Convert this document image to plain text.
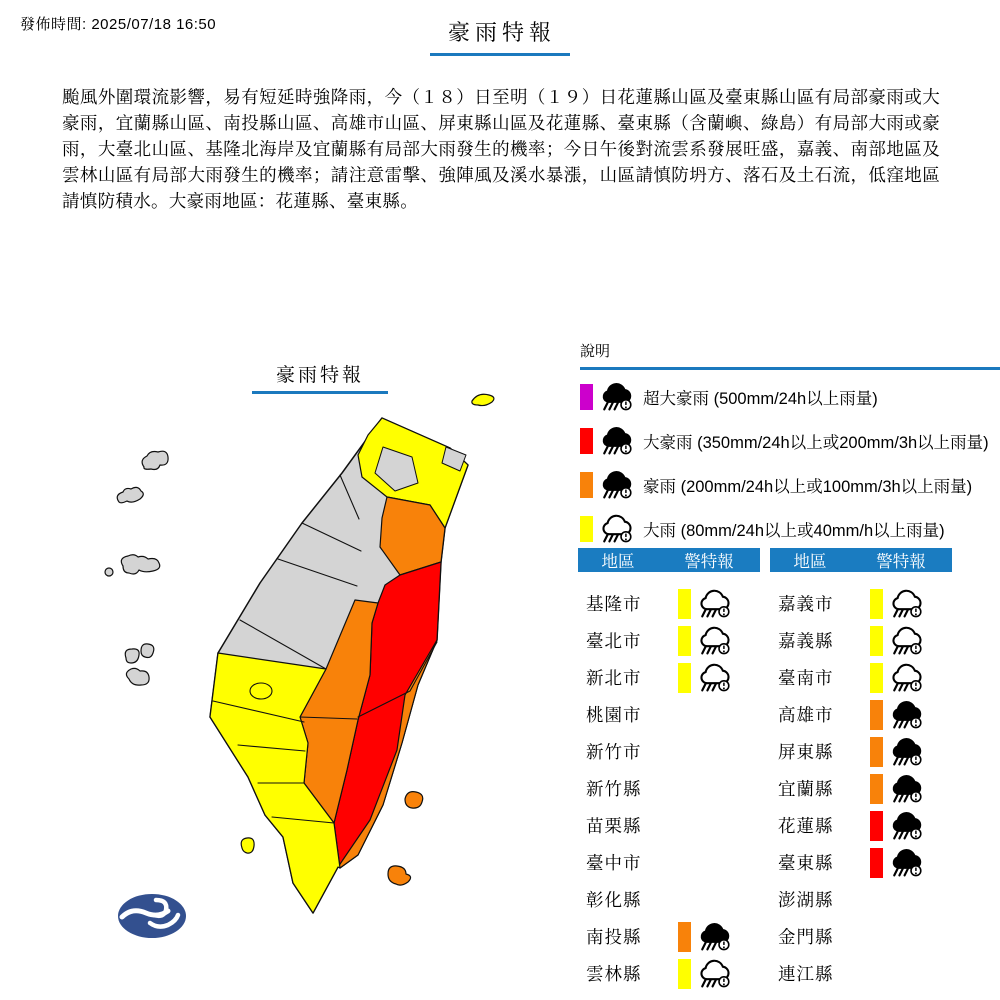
發佈時間: 2025/07/18 16:50	豪雨特報
颱風外圍環流影響，易有短延時強降雨，今（１８）日至明（１９）日花蓮縣山區及臺東縣山區有局部豪雨或大豪雨，宜蘭縣山區、南投縣山區、高雄市山區、屏東縣山區及花蓮縣、臺東縣（含蘭嶼、綠島）有局部大雨或豪雨，大臺北山區、基隆北海岸及宜蘭縣有局部大雨發生的機率；今日午後對流雲系發展旺盛，嘉義、南部地區及雲林山區有局部大雨發生的機率；請注意雷擊、強陣風及溪水暴漲，山區請慎防坍方、落石及土石流，低窪地區請慎防積水。大豪雨地區：花蓮縣、臺東縣。
豪雨特報
說明
超大豪雨 (500mm/24h以上雨量)
大豪雨 (350mm/24h以上或200mm/3h以上雨量)
豪雨 (200mm/24h以上或100mm/3h以上雨量)
大雨 (80mm/24h以上或40mm/h以上雨量)
地區	警特報
基隆市
臺北市
新北市
桃園市
新竹市
新竹縣
苗栗縣
臺中市
彰化縣
南投縣
雲林縣
地區	警特報
嘉義市
嘉義縣
臺南市
高雄市
屏東縣
宜蘭縣
花蓮縣
臺東縣
澎湖縣
金門縣
連江縣
